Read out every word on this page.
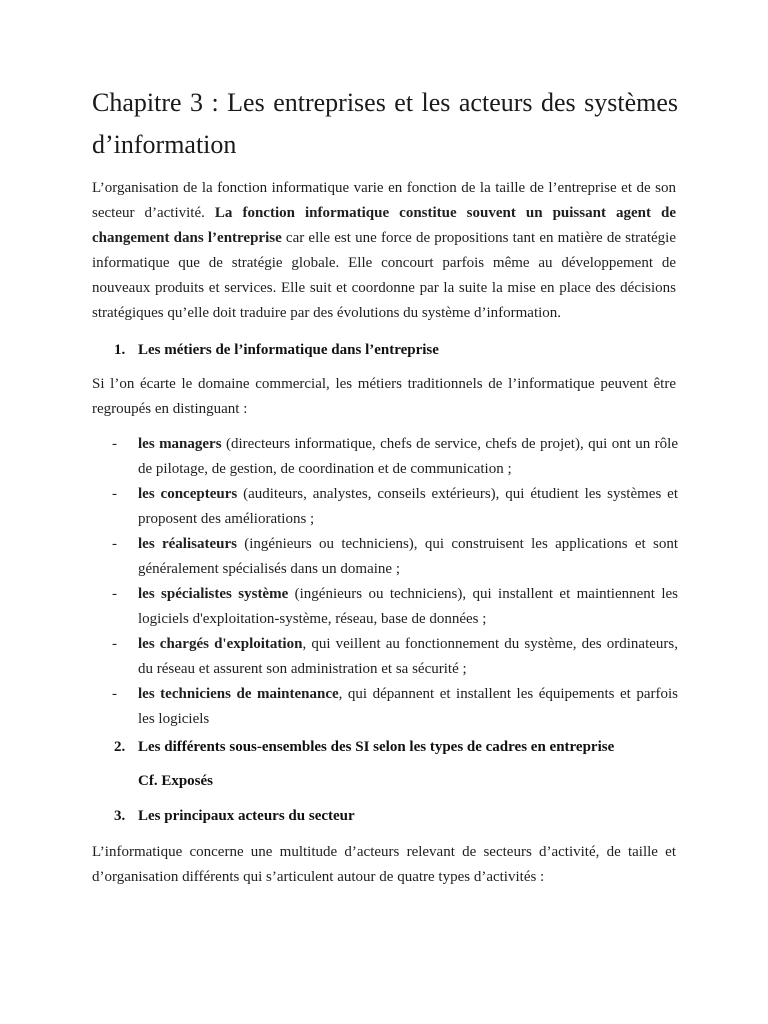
Chapitre 3 : Les entreprises et les acteurs des systèmes d’information

L’organisation de la fonction informatique varie en fonction de la taille de l’entreprise et de son secteur d’activité. La fonction informatique constitue souvent un puissant agent de changement dans l’entreprise car elle est une force de propositions tant en matière de stratégie informatique que de stratégie globale. Elle concourt parfois même au développement de nouveaux produits et services. Elle suit et coordonne par la suite la mise en place des décisions stratégiques qu’elle doit traduire par des évolutions du système d’information.

1. Les métiers de l’informatique dans l’entreprise

Si l’on écarte le domaine commercial, les métiers traditionnels de l’informatique peuvent être regroupés en distinguant :

-	les managers (directeurs informatique, chefs de service, chefs de projet), qui ont un rôle de pilotage, de gestion, de coordination et de communication ;
-	les concepteurs (auditeurs, analystes, conseils extérieurs), qui étudient les systèmes et proposent des améliorations ;
-	les réalisateurs (ingénieurs ou techniciens), qui construisent les applications et sont généralement spécialisés dans un domaine ;
-	les spécialistes système (ingénieurs ou techniciens), qui installent et maintiennent les logiciels d'exploitation-système, réseau, base de données ;
-	les chargés d'exploitation, qui veillent au fonctionnement du système, des ordinateurs, du réseau et assurent son administration et sa sécurité ;
-	les techniciens de maintenance, qui dépannent et installent les équipements et parfois les logiciels

2. Les différents sous-ensembles des SI selon les types de cadres en entreprise

Cf. Exposés

3. Les principaux acteurs du secteur

L’informatique concerne une multitude d’acteurs relevant de secteurs d’activité, de taille et d’organisation différents qui s’articulent autour de quatre types d’activités :
